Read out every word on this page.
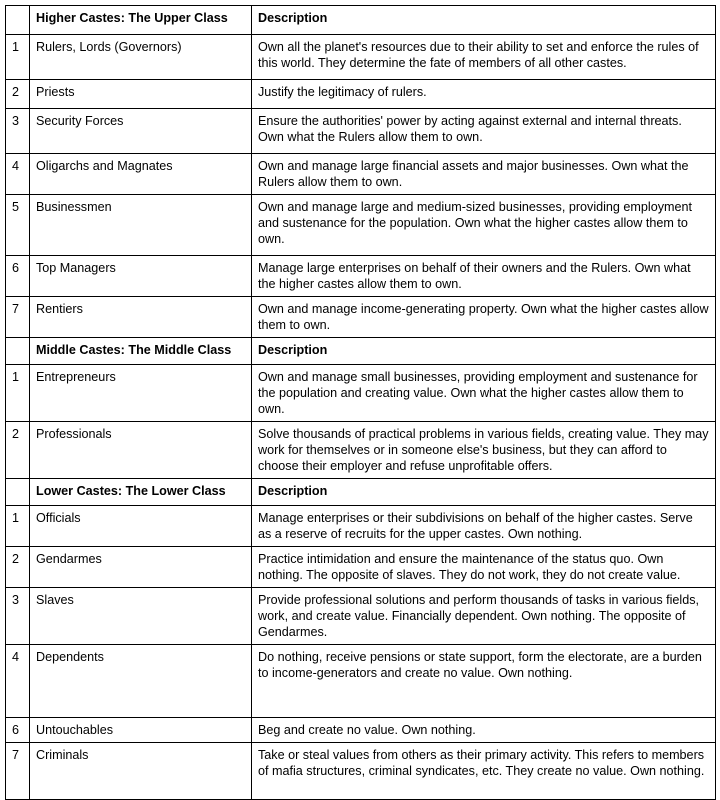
	Higher Castes: The Upper Class	Description
1	Rulers, Lords (Governors)	Own all the planet's resources due to their ability to set and enforce the rules of this world. They determine the fate of members of all other castes.
2	Priests	Justify the legitimacy of rulers.
3	Security Forces	Ensure the authorities' power by acting against external and internal threats. Own what the Rulers allow them to own.
4	Oligarchs and Magnates	Own and manage large financial assets and major businesses. Own what the Rulers allow them to own.
5	Businessmen	Own and manage large and medium-sized businesses, providing employment and sustenance for the population. Own what the higher castes allow them to own.
6	Top Managers	Manage large enterprises on behalf of their owners and the Rulers. Own what the higher castes allow them to own.
7	Rentiers	Own and manage income-generating property. Own what the higher castes allow them to own.
	Middle Castes: The Middle Class	Description
1	Entrepreneurs	Own and manage small businesses, providing employment and sustenance for the population and creating value. Own what the higher castes allow them to own.
2	Professionals	Solve thousands of practical problems in various fields, creating value. They may work for themselves or in someone else's business, but they can afford to choose their employer and refuse unprofitable offers.
	Lower Castes: The Lower Class	Description
1	Officials	Manage enterprises or their subdivisions on behalf of the higher castes. Serve as a reserve of recruits for the upper castes. Own nothing.
2	Gendarmes	Practice intimidation and ensure the maintenance of the status quo. Own nothing. The opposite of slaves. They do not work, they do not create value.
3	Slaves	Provide professional solutions and perform thousands of tasks in various fields, work, and create value. Financially dependent. Own nothing. The opposite of Gendarmes.
4	Dependents	Do nothing, receive pensions or state support, form the electorate, are a burden to income-generators and create no value. Own nothing.
6	Untouchables	Beg and create no value. Own nothing.
7	Criminals	Take or steal values from others as their primary activity. This refers to members of mafia structures, criminal syndicates, etc. They create no value. Own nothing.
